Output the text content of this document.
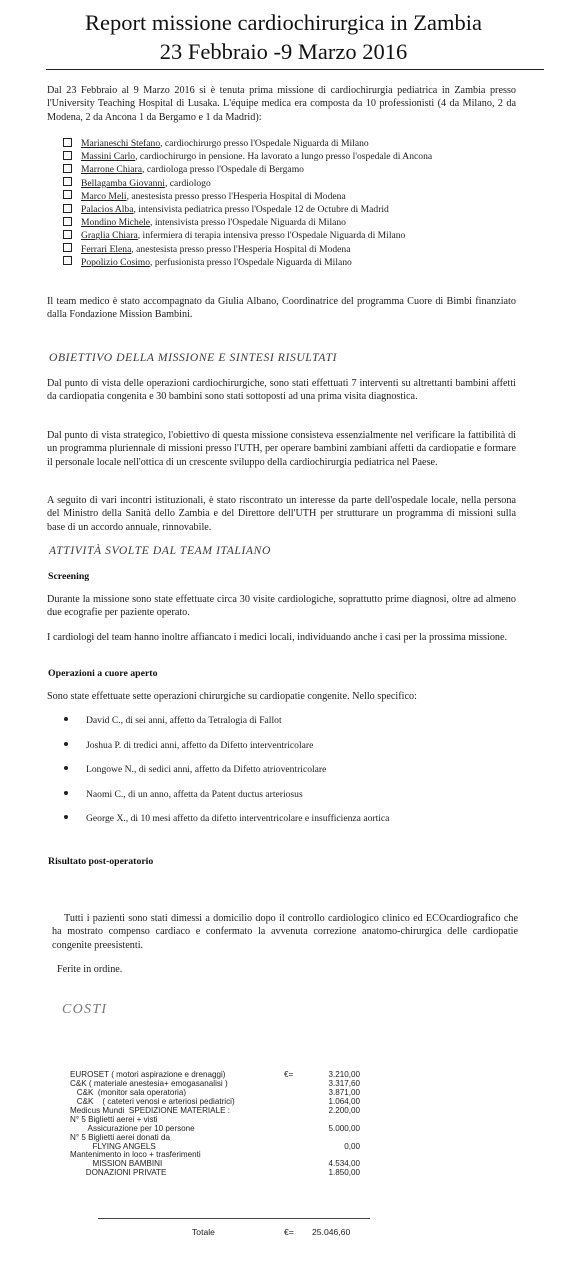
Report missione cardiochirurgica in Zambia
23 Febbraio -9 Marzo 2016
Dal 23 Febbraio al 9 Marzo 2016 si è tenuta prima missione di cardiochirurgia pediatrica in Zambia presso l'University Teaching Hospital di Lusaka. L'équipe medica era composta da 10 professionisti (4 da Milano, 2 da Modena, 2 da Ancona 1 da Bergamo e 1 da Madrid):
Marianeschi Stefano, cardiochirurgo presso l'Ospedale Niguarda di Milano
Massini Carlo, cardiochirurgo in pensione. Ha lavorato a lungo presso l'ospedale di Ancona
Marrone Chiara, cardiologa presso l'Ospedale di Bergamo
Bellagamba Giovanni, cardiologo
Marco Meli, anestesista presso presso l'Hesperia Hospital di Modena
Palacios Alba, intensivista pediatrica presso l'Ospedale 12 de Octubre di Madrid
Mondino Michele, intensivista presso l'Ospedale Niguarda di Milano
Graglia Chiara, infermiera di terapia intensiva presso l'Ospedale Niguarda di Milano
Ferrari Elena, anestesista presso presso l'Hesperia Hospital di Modena
Popolizio Cosimo, perfusionista presso l'Ospedale Niguarda di Milano
Il team medico è stato accompagnato da Giulia Albano, Coordinatrice del programma Cuore di Bimbi finanziato dalla Fondazione Mission Bambini.
OBIETTIVO DELLA MISSIONE E SINTESI RISULTATI
Dal punto di vista delle operazioni cardiochirurgiche, sono stati effettuati 7 interventi su altrettanti bambini affetti da cardiopatia congenita e 30 bambini sono stati sottoposti ad una prima visita diagnostica.
Dal punto di vista strategico, l'obiettivo di questa missione consisteva essenzialmente nel verificare la fattibilità di un programma pluriennale di missioni presso l'UTH, per operare bambini zambiani affetti da cardiopatie e formare il personale locale nell'ottica di un crescente sviluppo della cardiochirurgia pediatrica nel Paese.
A seguito di vari incontri istituzionali, è stato riscontrato un interesse da parte dell'ospedale locale, nella persona del Ministro della Sanità dello Zambia e del Direttore dell'UTH per strutturare un programma di missioni sulla base di un accordo annuale, rinnovabile.
ATTIVITÀ SVOLTE DAL TEAM ITALIANO
Screening
Durante la missione sono state effettuate circa 30 visite cardiologiche, soprattutto prime diagnosi, oltre ad almeno due ecografie per paziente operato.
I cardiologi del team hanno inoltre affiancato i medici locali, individuando anche i casi per la prossima missione.
Operazioni a cuore aperto
Sono state effettuate sette operazioni chirurgiche su cardiopatie congenite. Nello specifico:
David C., di sei anni, affetto da Tetralogia di Fallot
Joshua P. di tredici anni, affetto da Difetto interventricolare
Longowe N., di sedici anni, affetto da Difetto atrioventricolare
Naomi C., di un anno, affetta da Patent ductus arteriosus
George X., di 10 mesi affetto da difetto interventricolare e insufficienza aortica
Risultato post-operatorio
Tutti i pazienti sono stati dimessi a domicilio dopo il controllo cardiologico clinico ed ECOcardiografico che ha mostrato compenso cardiaco e confermato la avvenuta correzione anatomo-chirurgica delle cardiopatie congenite preesistenti.
Ferite in ordine.
COSTI
EUROSET ( motori aspirazione e drenaggi)	€=	3.210,00
C&K ( materiale anestesia+ emogasanalisi )	3.317,60
C&K  (monitor sala operatoria)	3.871,00
C&K    ( cateteri venosi e arteriosi pediatrici)	1.064,00
Medicus Mundi  SPEDIZIONE MATERIALE :	2.200,00
N° 5 Biglietti aerei + visti
Assicurazione per 10 persone	5.000,00
N° 5 Biglietti aerei donati da
FLYING ANGELS	0,00
Mantenimento in loco + trasferimenti
MISSION BAMBINI	4.534,00
DONAZIONI PRIVATE	1.850,00
Totale	€= 25.046,60
